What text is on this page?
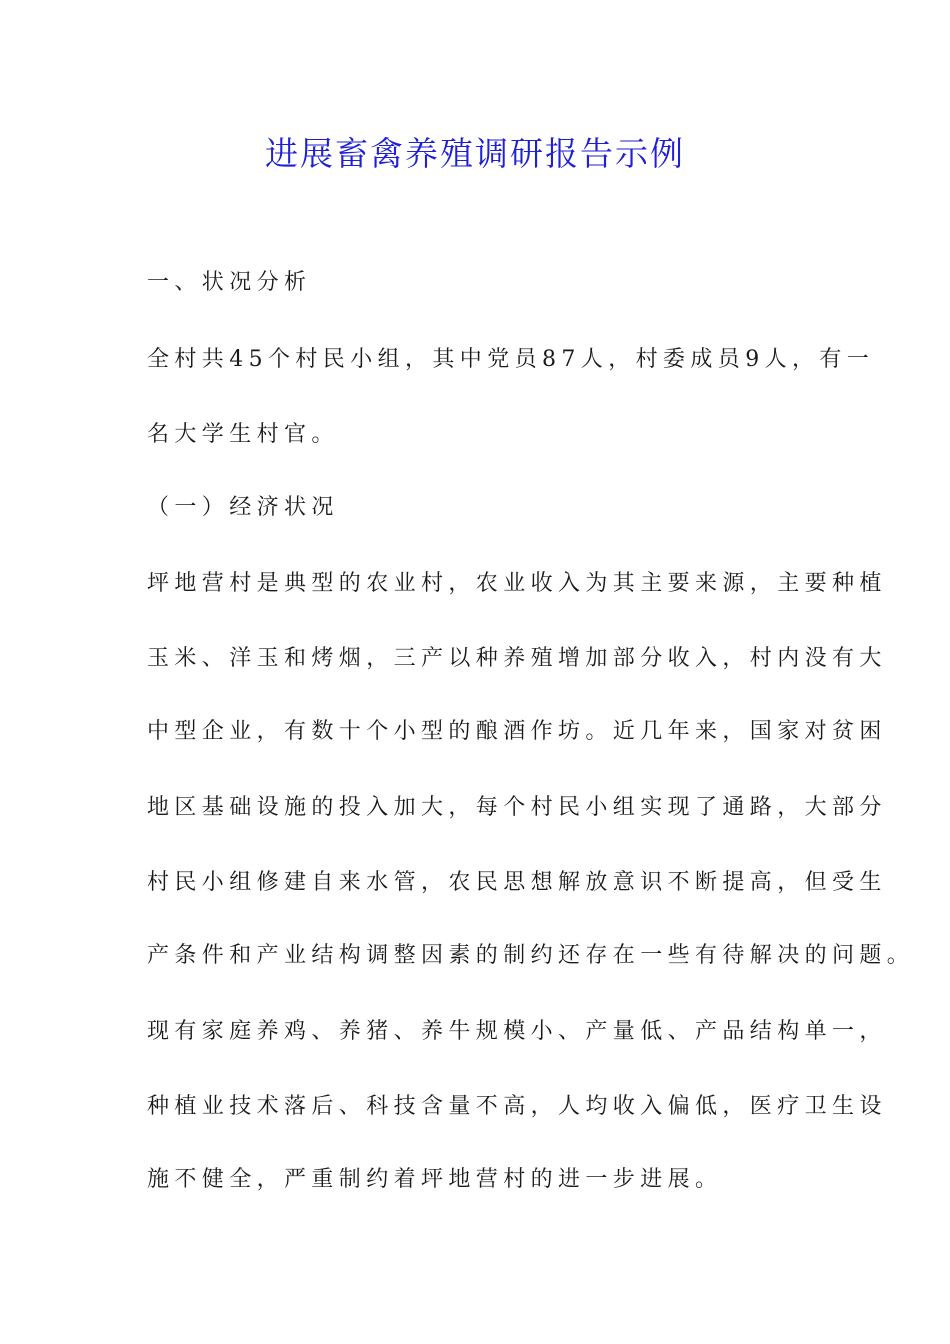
进展畜禽养殖调研报告示例
一、状况分析
全村共45个村民小组，其中党员87人，村委成员9人，有一
名大学生村官。
（一）经济状况
坪地营村是典型的农业村，农业收入为其主要来源，主要种植
玉米、洋玉和烤烟，三产以种养殖增加部分收入，村内没有大
中型企业，有数十个小型的酿酒作坊。近几年来，国家对贫困
地区基础设施的投入加大，每个村民小组实现了通路，大部分
村民小组修建自来水管，农民思想解放意识不断提高，但受生
产条件和产业结构调整因素的制约还存在一些有待解决的问题。
现有家庭养鸡、养猪、养牛规模小、产量低、产品结构单一，
种植业技术落后、科技含量不高，人均收入偏低，医疗卫生设
施不健全，严重制约着坪地营村的进一步进展。
